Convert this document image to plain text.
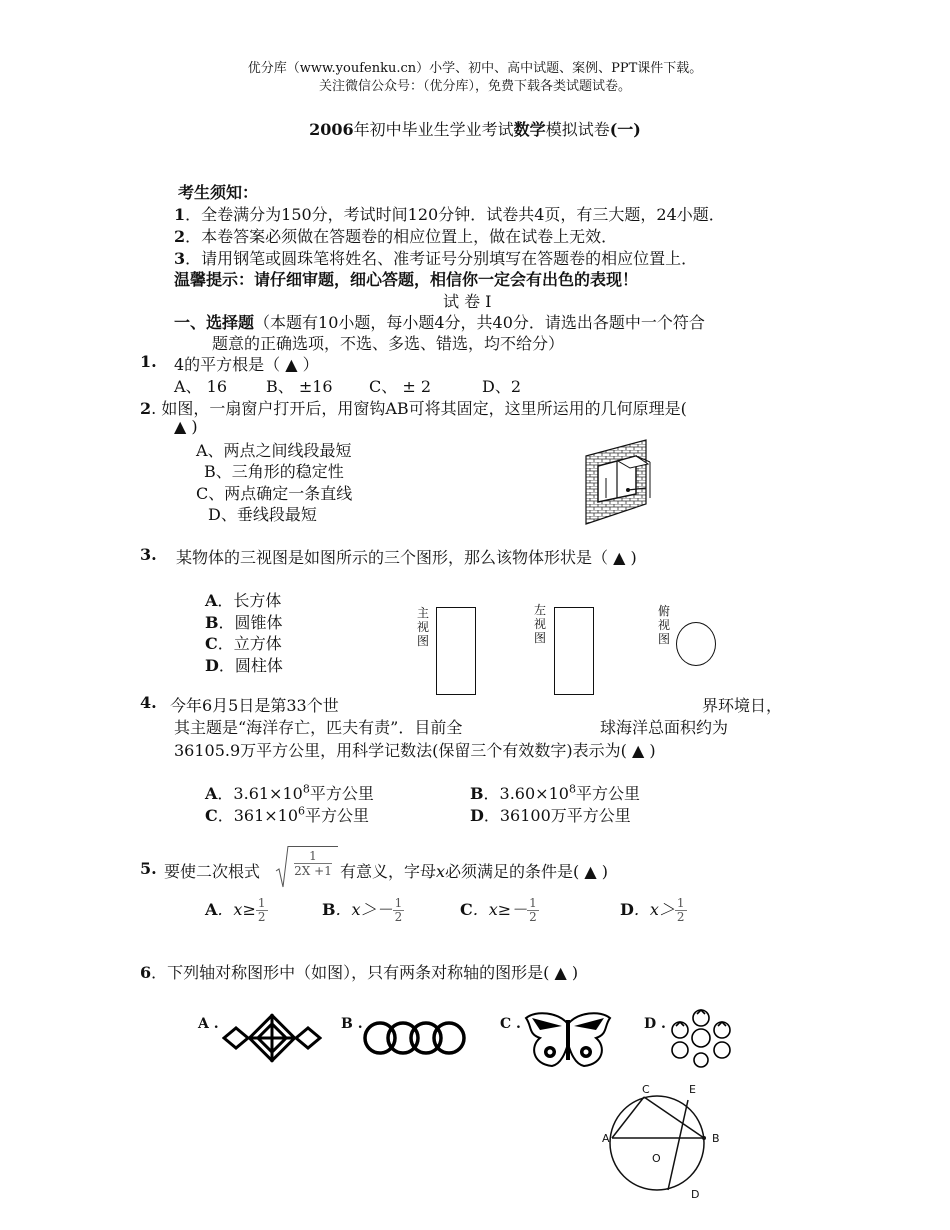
优分库（www.youfenku.cn）小学、初中、高中试题、案例、PPT课件下载。
关注微信公众号：（优分库），免费下载各类试题试卷。
2006年初中毕业生学业考试数学模拟试卷(一)
考生须知：
1．全卷满分为150分，考试时间120分钟．试卷共4页，有三大题，24小题．
2．本卷答案必须做在答题卷的相应位置上，做在试卷上无效．
3．请用钢笔或圆珠笔将姓名、准考证号分别填写在答题卷的相应位置上．
温馨提示：请仔细审题，细心答题，相信你一定会有出色的表现！
试 卷 Ⅰ
一、选择题（本题有10小题，每小题4分，共40分．请选出各题中一个符合
题意的正确选项，不选、多选、错选，均不给分）
1. 4的平方根是（ ▲ ）
A、 16 B、 ±16 C、 ± 2	D、2
2. 如图，一扇窗户打开后，用窗钩AB可将其固定，这里所运用的几何原理是(
▲ )
A、两点之间线段最短
B、三角形的稳定性
C、两点确定一条直线
D、垂线段最短
3. 某物体的三视图是如图所示的三个图形，那么该物体形状是（ ▲ )
A．长方体
B．圆锥体
C．立方体
D．圆柱体
主视图
左视图
俯视图
4. 今年6月5日是第33个世	界环境日，
其主题是“海洋存亡，匹夫有责”．目前全	球海洋总面积约为
36105.9万平方公里，用科学记数法(保留三个有效数字)表示为( ▲ )
A．$3.61\times 10^8$平方公里	B．$3.60\times 10^8$平方公里
C．$361\times 10^6$平方公里	D．36100万平方公里
5. 要使二次根式
1
2X +1 有意义，字母x必须满足的条件是( ▲ )
A．$x\ge \frac{1}{2}$	B．$x>- \frac{1}{2}$	C．$x\ge- \frac{1}{2}$	D．$x> \frac{1}{2}$
6．下列轴对称图形中（如图），只有两条对称轴的图形是( ▲ )
A .	B .	C .	D .
C	E
A	B
O
D
